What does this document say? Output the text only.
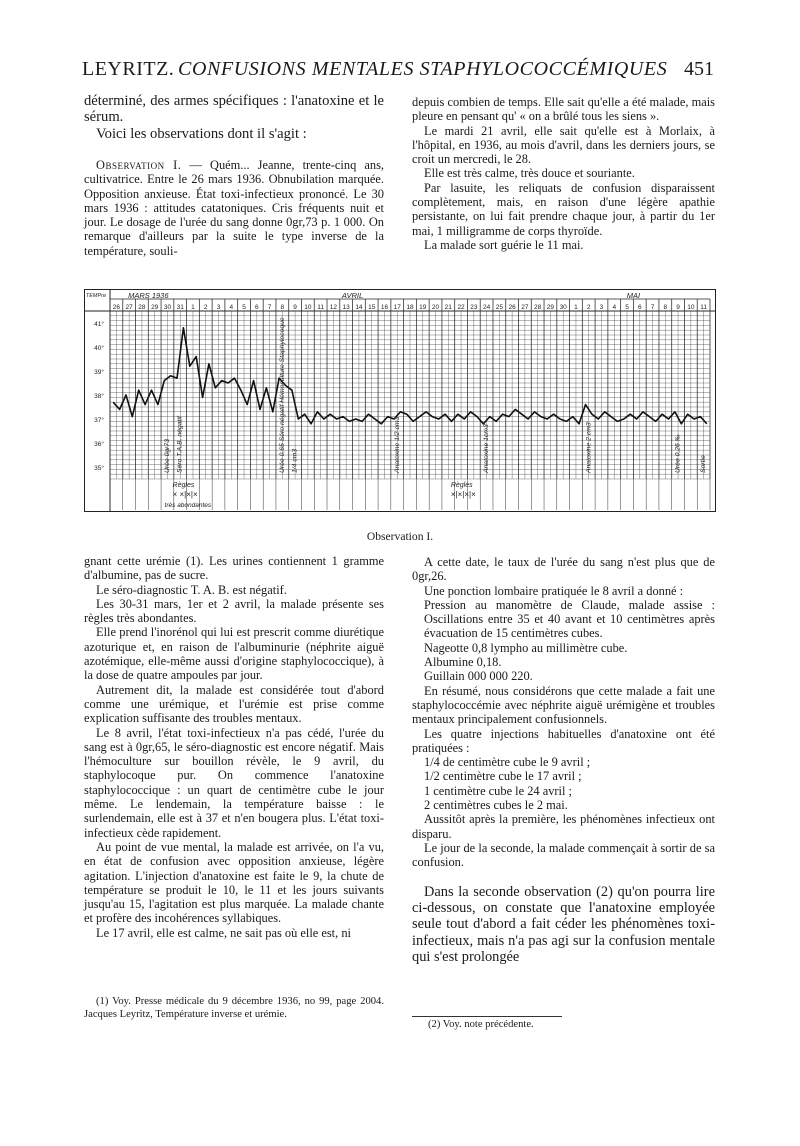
LEYRITZ. CONFUSIONS MENTALES STAPHYLOCOCCÉMIQUES 451

déterminé, des armes spécifiques : l'anatoxine et le sérum.

Voici les observations dont il s'agit :

Observation I. — Quém... Jeanne, trente-cinq ans, cultivatrice. Entre le 26 mars 1936. Obnubilation marquée. Opposition anxieuse. État toxi-infectieux prononcé. Le 30 mars 1936 : attitudes catatoniques. Cris fréquents nuit et jour. Le dosage de l'urée du sang donne 0gr,73 p. 1 000. On remarque d'ailleurs par la suite le type inverse de la température, souli-

depuis combien de temps. Elle sait qu'elle a été malade, mais pleure en pensant qu' « on a brûlé tous les siens ».

Le mardi 21 avril, elle sait qu'elle est à Morlaix, à l'hôpital, en 1936, au mois d'avril, dans les derniers jours, se croit un mercredi, le 28.

Elle est très calme, très douce et souriante.

Par lasuite, les reliquats de confusion disparaissent complètement, mais, en raison d'une légère apathie persistante, on lui fait prendre chaque jour, à partir du 1er mai, 1 milligramme de corps thyroïde.

La malade sort guérie le 11 mai.

MARS 1936	AVRIL	MAI
26 27 28 29 30 31 1 2 3 4 5 6 7 8 9 10 11 12 13 14 15 16 17 18 19 20 21 22 23 24 25 26 27 28 29 30 1 2 3 4 5 6 7 8 9 10 11
TEMPre
41°
40°
39°
38°
37°
36°
35°	Urée 0gr73 Séro T.A.B. négatif	Urée 0,65 Séro négatif Hémoculture Staphylocoque 1/4 cm3	Anatoxine 1/2 cm3	Anatoxine 1cm3	Anatoxine 2 cm3	Urée 0,26 ‰	Sortie
Règles
× ×|×|×
très abondantes
Règles
×|×|×|×
Observation I.

gnant cette urémie (1). Les urines contiennent 1 gramme d'albumine, pas de sucre.

Le séro-diagnostic T. A. B. est négatif.

Les 30-31 mars, 1er et 2 avril, la malade présente ses règles très abondantes.

Elle prend l'inorénol qui lui est prescrit comme diurétique azoturique et, en raison de l'albuminurie (néphrite aiguë azotémique, elle-même aussi d'origine staphylococcique), à la dose de quatre ampoules par jour.

Autrement dit, la malade est considérée tout d'abord comme une urémique, et l'urémie est prise comme explication suffisante des troubles mentaux.

Le 8 avril, l'état toxi-infectieux n'a pas cédé, l'urée du sang est à 0gr,65, le séro-diagnostic est encore négatif. Mais l'hémoculture sur bouillon révèle, le 9 avril, du staphylocoque pur. On commence l'anatoxine staphylococcique : un quart de centimètre cube le jour même. Le lendemain, la température baisse : le surlendemain, elle est à 37 et n'en bougera plus. L'état toxi-infectieux cède rapidement.

Au point de vue mental, la malade est arrivée, on l'a vu, en état de confusion avec opposition anxieuse, légère agitation. L'injection d'anatoxine est faite le 9, la chute de température se produit le 10, le 11 et les jours suivants jusqu'au 15, l'agitation est plus marquée. La malade chante et profère des incohérences syllabiques.

Le 17 avril, elle est calme, ne sait pas où elle est, ni

(1) Voy. Presse médicale du 9 décembre 1936, no 99, page 2004. Jacques Leyritz, Température inverse et urémie.

A cette date, le taux de l'urée du sang n'est plus que de 0gr,26.

Une ponction lombaire pratiquée le 8 avril a donné :

Pression au manomètre de Claude, malade assise : Oscillations entre 35 et 40 avant et 10 centimètres après évacuation de 15 centimètres cubes.

Nageotte 0,8 lympho au millimètre cube.

Albumine 0,18.

Guillain 000 000 220.

En résumé, nous considérons que cette malade a fait une staphylococcémie avec néphrite aiguë urémigène et troubles mentaux principalement confusionnels.

Les quatre injections habituelles d'anatoxine ont été pratiquées :

1/4 de centimètre cube le 9 avril ;

1/2 centimètre cube le 17 avril ;

1 centimètre cube le 24 avril ;

2 centimètres cubes le 2 mai.

Aussitôt après la première, les phénomènes infectieux ont disparu.

Le jour de la seconde, la malade commençait à sortir de sa confusion.

Dans la seconde observation (2) qu'on pourra lire ci-dessous, on constate que l'anatoxine employée seule tout d'abord a fait céder les phénomènes toxi-infectieux, mais n'a pas agi sur la confusion mentale qui s'est prolongée

(2) Voy. note précédente.
